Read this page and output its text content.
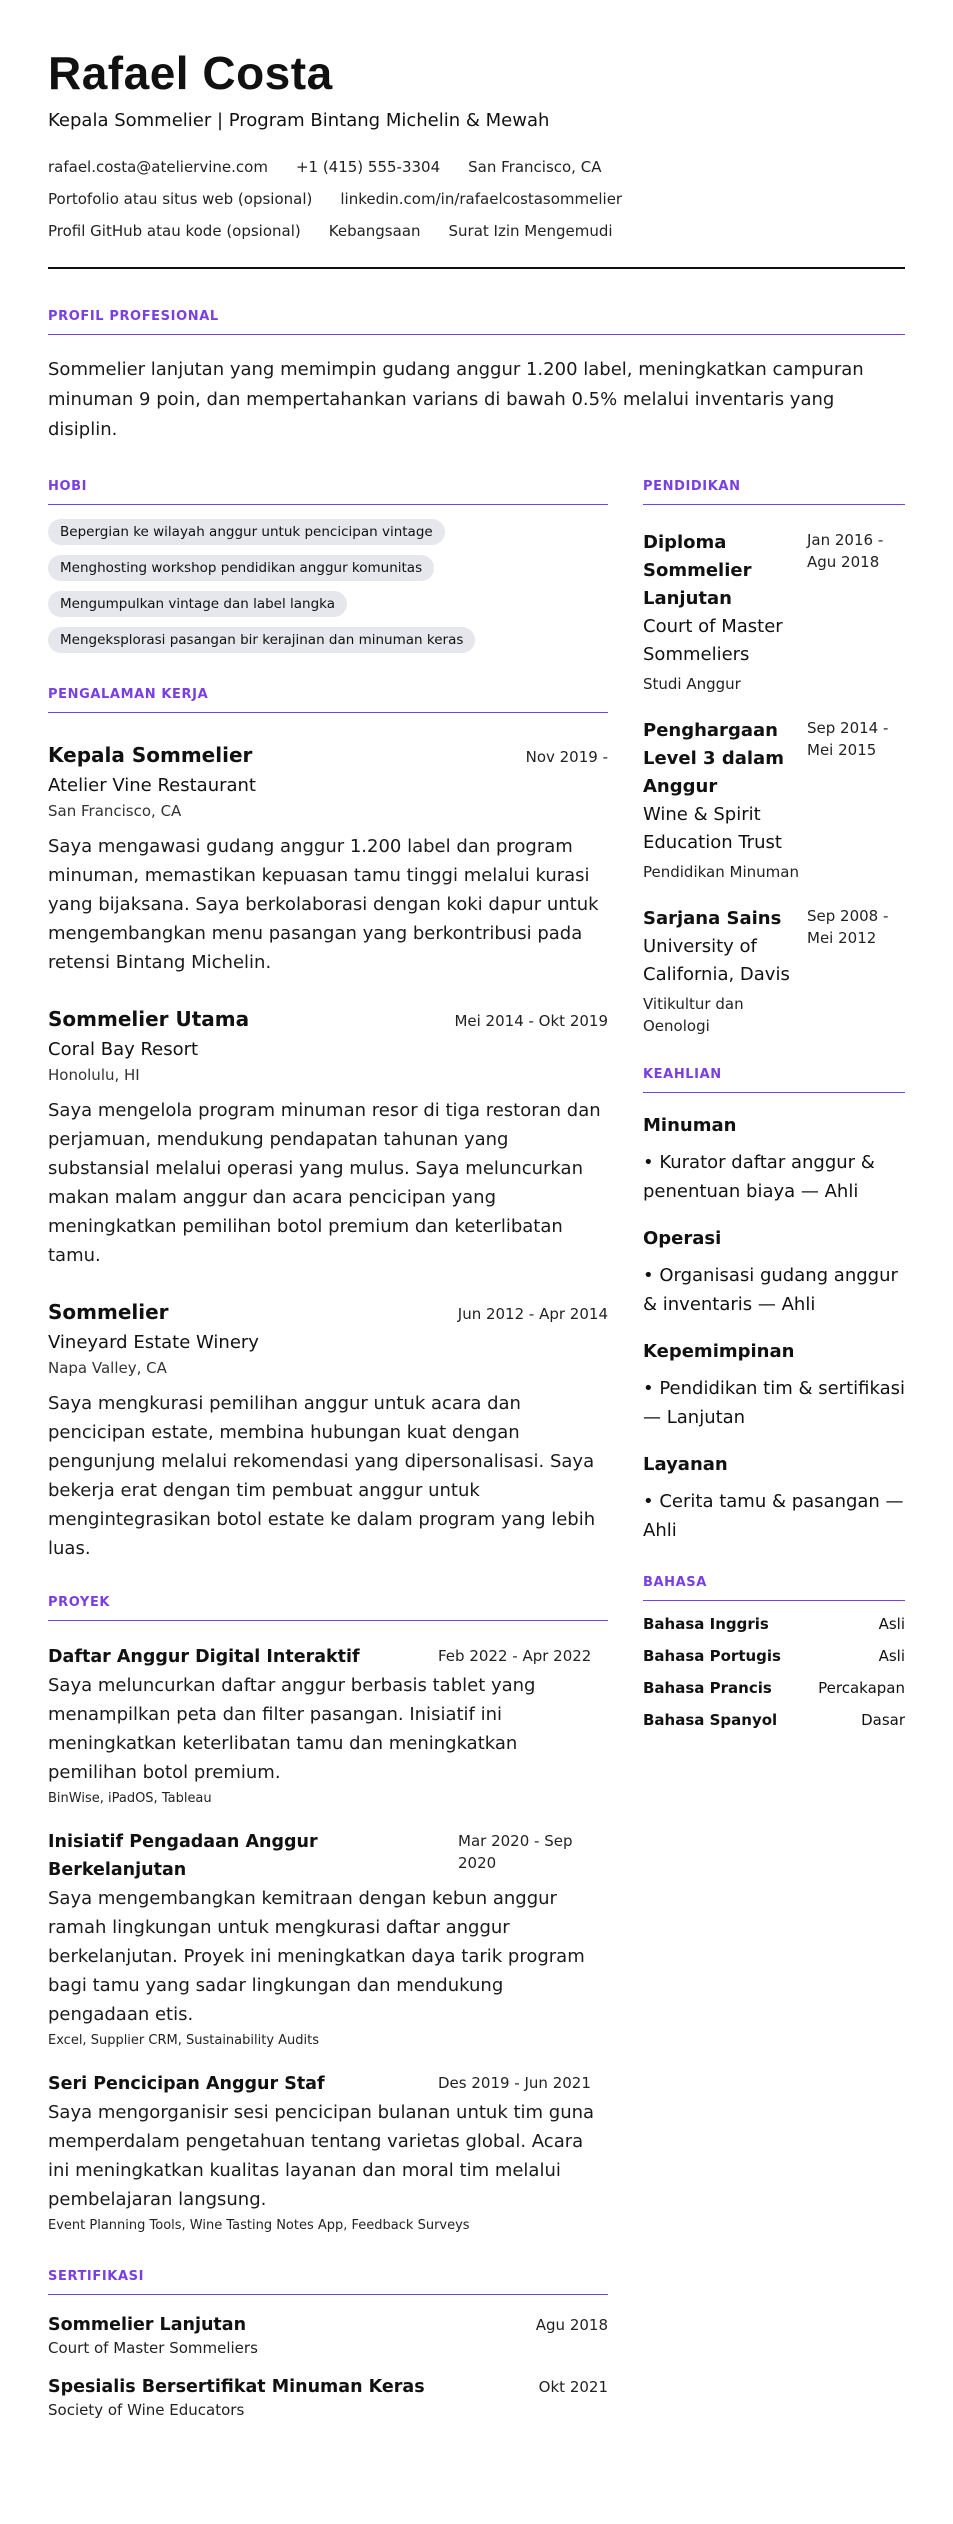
Rafael Costa
Kepala Sommelier | Program Bintang Michelin & Mewah
rafael.costa@ateliervine.com +1 (415) 555-3304 San Francisco, CA
Portofolio atau situs web (opsional) linkedin.com/in/rafaelcostasommelier
Profil GitHub atau kode (opsional) Kebangsaan Surat Izin Mengemudi
PROFIL PROFESIONAL
Sommelier lanjutan yang memimpin gudang anggur 1.200 label, meningkatkan campuran minuman 9 poin, dan mempertahankan varians di bawah 0.5% melalui inventaris yang disiplin.
HOBI
Bepergian ke wilayah anggur untuk pencicipan vintage
Menghosting workshop pendidikan anggur komunitas
Mengumpulkan vintage dan label langka
Mengeksplorasi pasangan bir kerajinan dan minuman keras
PENGALAMAN KERJA
Kepala Sommelier	Nov 2019 -
Atelier Vine Restaurant
San Francisco, CA
Saya mengawasi gudang anggur 1.200 label dan program minuman, memastikan kepuasan tamu tinggi melalui kurasi yang bijaksana. Saya berkolaborasi dengan koki dapur untuk mengembangkan menu pasangan yang berkontribusi pada retensi Bintang Michelin.
Sommelier Utama	Mei 2014 - Okt 2019
Coral Bay Resort
Honolulu, HI
Saya mengelola program minuman resor di tiga restoran dan perjamuan, mendukung pendapatan tahunan yang substansial melalui operasi yang mulus. Saya meluncurkan makan malam anggur dan acara pencicipan yang meningkatkan pemilihan botol premium dan keterlibatan tamu.
Sommelier	Jun 2012 - Apr 2014
Vineyard Estate Winery
Napa Valley, CA
Saya mengkurasi pemilihan anggur untuk acara dan pencicipan estate, membina hubungan kuat dengan pengunjung melalui rekomendasi yang dipersonalisasi. Saya bekerja erat dengan tim pembuat anggur untuk mengintegrasikan botol estate ke dalam program yang lebih luas.
PROYEK
Daftar Anggur Digital Interaktif	Feb 2022 - Apr 2022
Saya meluncurkan daftar anggur berbasis tablet yang menampilkan peta dan filter pasangan. Inisiatif ini meningkatkan keterlibatan tamu dan meningkatkan pemilihan botol premium.
BinWise, iPadOS, Tableau
Inisiatif Pengadaan Anggur Berkelanjutan
Mar 2020 - Sep 2020
Saya mengembangkan kemitraan dengan kebun anggur ramah lingkungan untuk mengkurasi daftar anggur berkelanjutan. Proyek ini meningkatkan daya tarik program bagi tamu yang sadar lingkungan dan mendukung pengadaan etis.
Excel, Supplier CRM, Sustainability Audits
Seri Pencicipan Anggur Staf	Des 2019 - Jun 2021
Saya mengorganisir sesi pencicipan bulanan untuk tim guna memperdalam pengetahuan tentang varietas global. Acara ini meningkatkan kualitas layanan dan moral tim melalui pembelajaran langsung.
Event Planning Tools, Wine Tasting Notes App, Feedback Surveys
SERTIFIKASI
Sommelier Lanjutan	Agu 2018
Court of Master Sommeliers
Spesialis Bersertifikat Minuman Keras	Okt 2021
Society of Wine Educators
PENDIDIKAN
Diploma Sommelier Lanjutan
Court of Master Sommeliers
Studi Anggur
Jan 2016 - Agu 2018
Penghargaan Level 3 dalam Anggur
Wine & Spirit Education Trust
Pendidikan Minuman
Sep 2014 - Mei 2015
Sarjana Sains
University of California, Davis
Vitikultur dan Oenologi
Sep 2008 - Mei 2012
KEAHLIAN
Minuman
• Kurator daftar anggur & penentuan biaya — Ahli
Operasi
• Organisasi gudang anggur & inventaris — Ahli
Kepemimpinan
• Pendidikan tim & sertifikasi — Lanjutan
Layanan
• Cerita tamu & pasangan — Ahli
BAHASA
Bahasa Inggris	Asli
Bahasa Portugis	Asli
Bahasa Prancis	Percakapan
Bahasa Spanyol	Dasar
